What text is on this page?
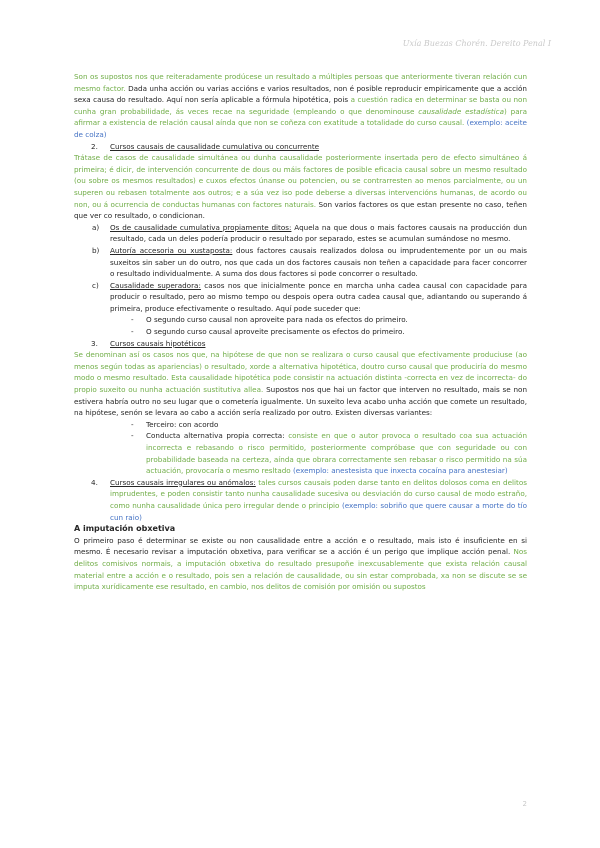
Uxía Buezas Chorén. Dereito Penal I

Son os supostos nos que reiteradamente prodúcese un resultado a múltiples persoas que anteriormente tiveran relación cun mesmo factor. Dada unha acción ou varias accións e varios resultados, non é posible reproducir empiricamente que a acción sexa causa do resultado. Aquí non sería aplicable a fórmula hipotética, pois a cuestión radica en determinar se basta ou non cunha gran probabilidade, ás veces recae na seguridade (empleando o que denominouse causalidade estadística) para afirmar a existencia de relación causal aínda que non se coñeza con exatitude a totalidade do curso causal. (exemplo: aceite de colza)

2. Cursos causais de causalidade cumulativa ou concurrente

Trátase de casos de causalidade simultánea ou dunha causalidade posteriormente insertada pero de efecto simultáneo á primeira; é dicir, de intervención concurrente de dous ou máis factores de posible eficacia causal sobre un mesmo resultado (ou sobre os mesmos resultados) e cuxos efectos únanse ou potencien, ou se contrarresten ao menos parcialmente, ou un superen ou rebasen totalmente aos outros; e a súa vez iso pode deberse a diversas intervencións humanas, de acordo ou non, ou á ocurrencia de conductas humanas con factores naturais. Son varios factores os que estan presente no caso, teñen que ver co resultado, o condicionan.

a) Os de causalidade cumulativa propiamente ditos: Aquela na que dous o mais factores causais na producción dun resultado, cada un deles podería producir o resultado por separado, estes se acumulan sumándose no mesmo.
b) Autoría accesoria ou xustaposta: dous factores causais realizados dolosa ou imprudentemente por un ou mais suxeitos sin saber un do outro, nos que cada un dos factores causais non teñen a capacidade para facer concorrer o resultado individualmente. A suma dos dous factores si pode concorrer o resultado.
c) Causalidade superadora: casos nos que inicialmente ponce en marcha unha cadea causal con capacidade para producir o resultado, pero ao mismo tempo ou despois opera outra cadea causal que, adiantando ou superando á primeira, produce efectivamente o resultado. Aquí pode suceder que:
- O segundo curso causal non aproveite para nada os efectos do primeiro.
- O segundo curso causal aproveite precisamente os efectos do primeiro.
3. Cursos causais hipotéticos

Se denominan así os casos nos que, na hipótese de que non se realizara o curso causal que efectivamente produciuse (ao menos según todas as apariencias) o resultado, xorde a alternativa hipotética, doutro curso causal que produciría do mesmo modo o mesmo resultado. Esta causalidade hipotética pode consistir na actuación distinta -correcta en vez de incorrecta- do propio suxeito ou nunha actuación sustitutiva allea. Supostos nos que hai un factor que interven no resultado, mais se non estivera habría outro no seu lugar que o cometería igualmente. Un suxeito leva acabo unha acción que comete un resultado, na hipótese, senón se levara ao cabo a acción sería realizado por outro. Existen diversas variantes:

- Terceiro: con acordo
- Conducta alternativa propia correcta: consiste en que o autor provoca o resultado coa sua actuación incorrecta e rebasando o risco permitido, posteriormente compróbase que con seguridade ou con probabilidade baseada na certeza, aínda que obrara correctamente sen rebasar o risco permitido na súa actuación, provocaría o mesmo resltado (exemplo: anestesista que inxecta cocaína para anestesiar)
4. Cursos causais irregulares ou anómalos: tales cursos causais poden darse tanto en delitos dolosos coma en delitos imprudentes, e poden consistir tanto nunha causalidade sucesiva ou desviación do curso causal de modo estraño, como nunha causalidade única pero irregular dende o principio (exemplo: sobriño que quere causar a morte do tío cun raio)
A imputación obxetiva

O primeiro paso é determinar se existe ou non causalidade entre a acción e o resultado, mais isto é insuficiente en si mesmo. É necesario revisar a imputación obxetiva, para verificar se a acción é un perigo que implique acción penal. Nos delitos comisivos normais, a imputación obxetiva do resultado presupoñe inexcusablemente que exista relación causal material entre a acción e o resultado, pois sen a relación de causalidade, ou sin estar comprobada, xa non se discute se se imputa xurídicamente ese resultado, en cambio, nos delitos de comisión por omisión ou supostos

2
